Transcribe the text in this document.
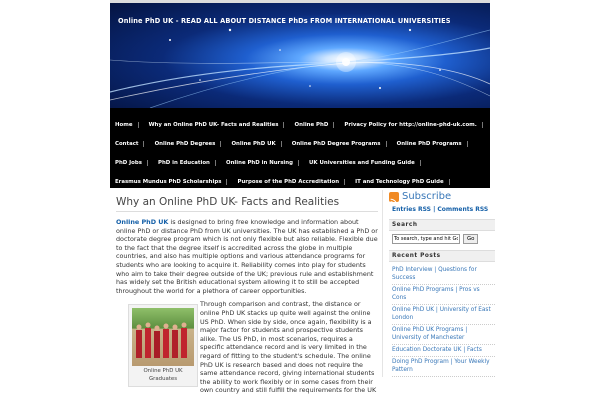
Online PhD UK - READ ALL ABOUT DISTANCE PhDs FROM INTERNATIONAL UNIVERSITIES
Home	Why an Online PhD UK- Facts and Realities	Online PhD	Privacy Policy for http://online-phd-uk.com. Contact	Online PhD Degrees	Online PhD UK	Online PhD Degree Programs	Online PhD Programs PhD Jobs	PhD in Education	Online PhD in Nursing	UK Universities and Funding Guide Erasmus Mundus PhD Scholarships	Purpose of the PhD Accreditation	IT and Technology PhD Guide
Why an Online PhD UK- Facts and Realities

Online PhD UK is designed to bring free knowledge and information about online PhD or distance PhD from UK universities. The UK has established a PhD or doctorate degree program which is not only flexible but also reliable. Flexible due to the fact that the degree itself is accredited across the globe in multiple countries, and also has multiple options and various attendance programs for students who are looking to acquire it. Reliability comes into play for students who aim to take their degree outside of the UK; previous rule and establishment has widely set the British educational system allowing it to still be accepted throughout the world for a plethora of career opportunities.

Online PhD UK Graduates

Through comparison and contrast, the distance or online PhD UK stacks up quite well against the online US PhD. When side by side, once again, flexibility is a major factor for students and prospective students alike. The US PhD, in most scenarios, requires a specific attendance record and is very limited in the regard of fitting to the student's schedule. The online PhD UK is research based and does not require the same attendance record, giving international students the ability to work flexibly or in some cases from their own country and still fulfill the requirements for the UK

Subscribe
Entries RSS | Comments RSS
Search
To search, type and hit Go
Go
Recent Posts
PhD Interview | Questions for Success
Online PhD Programs | Pros vs Cons
Online PhD UK | University of East London
Online PhD UK Programs | University of Manchester
Education Doctorate UK | Facts
Doing PhD Program | Your Weekly Pattern
